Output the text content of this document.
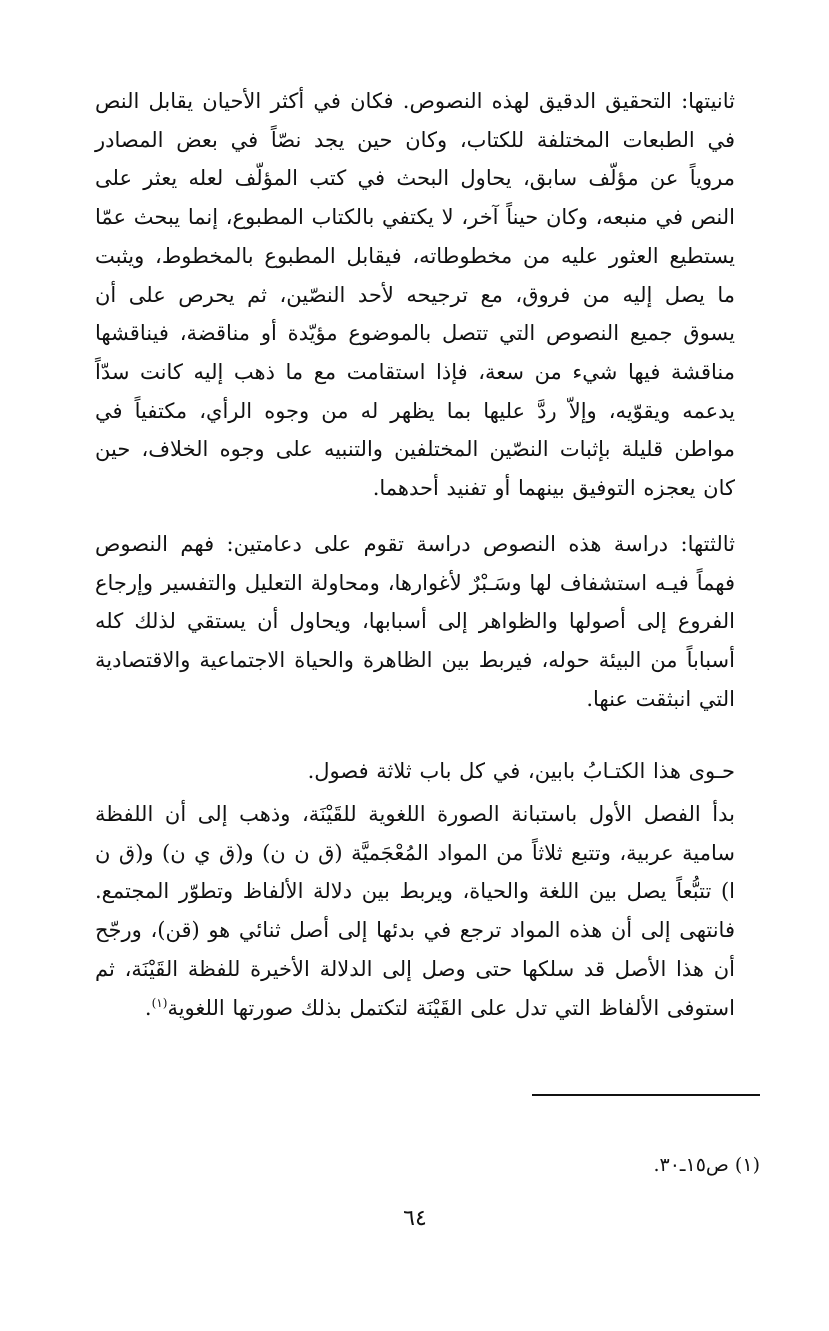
ثانيتها: التحقيق الدقيق لهذه النصوص. فكان في أكثر الأحيان يقابل النص في الطبعات المختلفة للكتاب، وكان حين يجد نصّاً في بعض المصادر مروياً عن مؤلّف سابق، يحاول البحث في كتب المؤلّف لعله يعثر على النص في منبعه، وكان حيناً آخر، لا يكتفي بالكتاب المطبوع، إنما يبحث عمّا يستطيع العثور عليه من مخطوطاته، فيقابل المطبوع بالمخطوط، ويثبت ما يصل إليه من فروق، مع ترجيحه لأحد النصّين، ثم يحرص على أن يسوق جميع النصوص التي تتصل بالموضوع مؤيّدة أو مناقضة، فيناقشها مناقشة فيها شيء من سعة، فإذا استقامت مع ما ذهب إليه كانت سدّاً يدعمه ويقوّيه، وإلاّ ردَّ عليها بما يظهر له من وجوه الرأي، مكتفياً في مواطن قليلة بإثبات النصّين المختلفين والتنبيه على وجوه الخلاف، حين كان يعجزه التوفيق بينهما أو تفنيد أحدهما.

ثالثتها: دراسة هذه النصوص دراسة تقوم على دعامتين: فهم النصوص فهماً فيـه استشفاف لها وسَـبْرٌ لأغوارها، ومحاولة التعليل والتفسير وإرجاع الفروع إلى أصولها والظواهر إلى أسبابها، ويحاول أن يستقي لذلك كله أسباباً من البيئة حوله، فيربط بين الظاهرة والحياة الاجتماعية والاقتصادية التي انبثقت عنها.

حـوى هذا الكتـابُ بابين، في كل باب ثلاثة فصول.

بدأ الفصل الأول باستبانة الصورة اللغوية للقَيْنَة، وذهب إلى أن اللفظة سامية عربية، وتتبع ثلاثاً من المواد المُعْجَميَّة (ق ن ن) و(ق ي ن) و(ق ن ا) تتبُّعاً يصل بين اللغة والحياة، ويربط بين دلالة الألفاظ وتطوّر المجتمع. فانتهى إلى أن هذه المواد ترجع في بدئها إلى أصل ثنائي هو (قن)، ورجّح أن هذا الأصل قد سلكها حتى وصل إلى الدلالة الأخيرة للفظة القَيْنَة، ثم استوفى الألفاظ التي تدل على القَيْنَة لتكتمل بذلك صورتها اللغوية$^{(١)}$.

(١) ص١٥ـ٣٠.

٦٤
